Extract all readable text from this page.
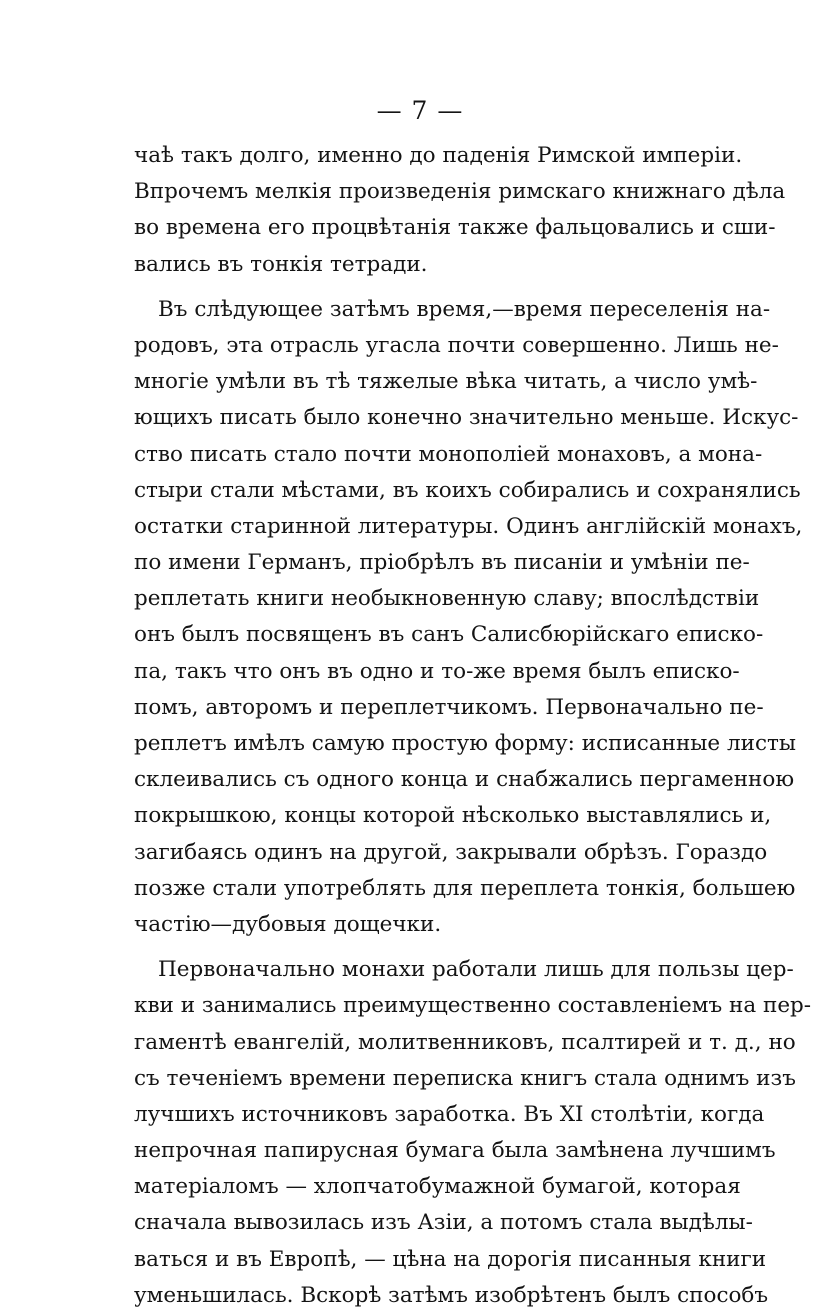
— 7 —
чаѣ такъ долго, именно до паденія Римской имперіи.
Впрочемъ мелкія произведенія римскаго книжнаго дѣла
во времена его процвѣтанія также фальцовались и сши-
вались въ тонкія тетради.
Въ слѣдующее затѣмъ время,—время переселенія на-
родовъ, эта отрасль угасла почти совершенно. Лишь не-
многіе умѣли въ тѣ тяжелые вѣка читать, а число умѣ-
ющихъ писать было конечно значительно меньше. Искус-
ство писать стало почти монополіей монаховъ, а мона-
стыри стали мѣстами, въ коихъ собирались и сохранялись
остатки старинной литературы. Одинъ англійскій монахъ,
по имени Германъ, пріобрѣлъ въ писаніи и умѣніи пе-
реплетать книги необыкновенную славу; впослѣдствіи
онъ былъ посвященъ въ санъ Салисбюрійскаго еписко-
па, такъ что онъ въ одно и то-же время былъ еписко-
помъ, авторомъ и переплетчикомъ. Первоначально пе-
реплетъ имѣлъ самую простую форму: исписанные листы
склеивались съ одного конца и снабжались пергаменною
покрышкою, концы которой нѣсколько выставлялись и,
загибаясь одинъ на другой, закрывали обрѣзъ. Гораздо
позже стали употреблять для переплета тонкія, большею
частію—дубовыя дощечки.
Первоначально монахи работали лишь для пользы цер-
кви и занимались преимущественно составленіемъ на пер-
гаментѣ евангелій, молитвенниковъ, псалтирей и т. д., но
съ теченіемъ времени переписка книгъ стала однимъ изъ
лучшихъ источниковъ заработка. Въ XI столѣтіи, когда
непрочная папирусная бумага была замѣнена лучшимъ
матеріаломъ — хлопчатобумажной бумагой, которая
сначала вывозилась изъ Азіи, а потомъ стала выдѣлы-
ваться и въ Европѣ, — цѣна на дорогія писанныя книги
уменьшилась. Вскорѣ затѣмъ изобрѣтенъ былъ способъ
